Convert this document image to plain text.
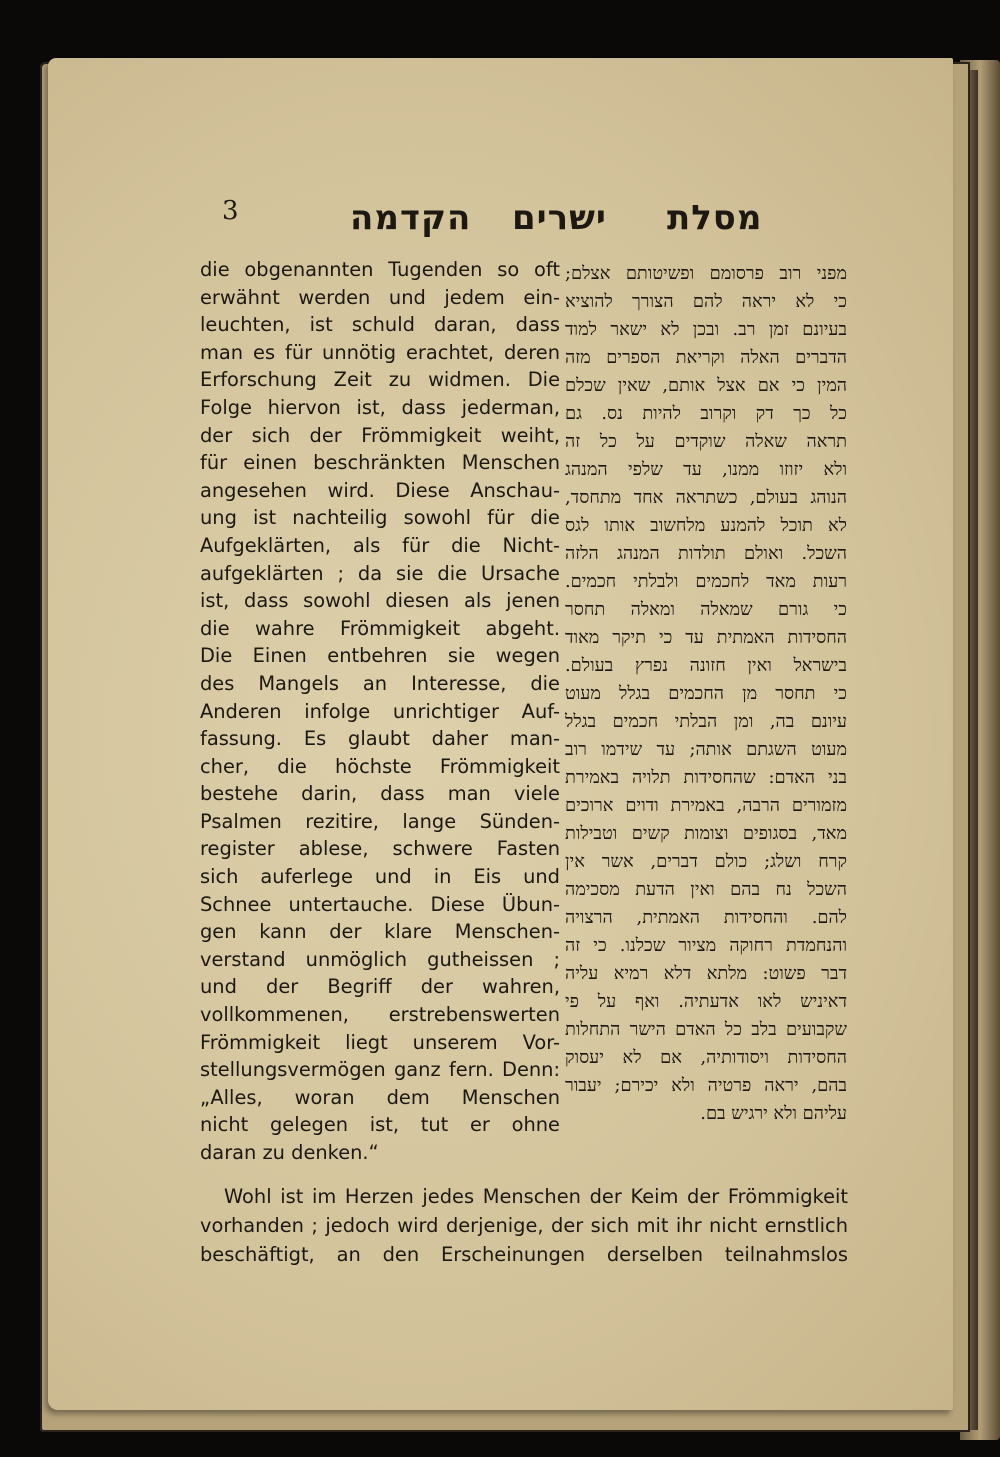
3	הקדמה ישרים מסלת
die obgenannten Tugenden so oft
erwähnt werden und jedem ein-
leuchten, ist schuld daran, dass
man es für unnötig erachtet, deren
Erforschung Zeit zu widmen. Die
Folge hiervon ist, dass jederman,
der sich der Frömmigkeit weiht,
für einen beschränkten Menschen
angesehen wird. Diese Anschau-
ung ist nachteilig sowohl für die
Aufgeklärten, als für die Nicht-
aufgeklärten ; da sie die Ursache
ist, dass sowohl diesen als jenen
die wahre Frömmigkeit abgeht.
Die Einen entbehren sie wegen
des Mangels an Interesse, die
Anderen infolge unrichtiger Auf-
fassung. Es glaubt daher man-
cher, die höchste Frömmigkeit
bestehe darin, dass man viele
Psalmen rezitire, lange Sünden-
register ablese, schwere Fasten
sich auferlege und in Eis und
Schnee untertauche. Diese Übun-
gen kann der klare Menschen-
verstand unmöglich gutheissen ;
und der Begriff der wahren,
vollkommenen, erstrebenswerten
Frömmigkeit liegt unserem Vor-
stellungsvermögen ganz fern. Denn:
„Alles, woran dem Menschen
nicht gelegen ist, tut er ohne
daran zu denken.“
מפני רוב פרסומם ופשיטותם אצלם;
כי לא יראה להם הצורך להוציא
בעיונם זמן רב. ובכן לא ישאר למוד
הדברים האלה וקריאת הספרים מזה
המין כי אם אצל אותם, שאין שכלם
כל כך דק וקרוב להיות נס. גם
תראה שאלה שוקדים על כל זה
ולא יזוזו ממנו, עד שלפי המנהג
הנוהג בעולם, כשתראה אחד מתחסד,
לא תוכל להמנע מלחשוב אותו לגס
השכל. ואולם תולדות המנהג הלזה
רעות מאד לחכמים ולבלתי חכמים.
כי גורם שמאלה ומאלה תחסר
החסידות האמתית עד כי תיקר מאוד
בישראל ואין חזונה נפרץ בעולם.
כי תחסר מן החכמים בגלל מעוט
עיונם בה, ומן הבלתי חכמים בגלל
מעוט השגתם אותה; עד שידמו רוב
בני האדם: שהחסידות תלויה באמירת
מזמורים הרבה, באמירת ודוים ארוכים
מאד, בסגופים וצומות קשים וטבילות
קרח ושלג; כולם דברים, אשר אין
השכל נח בהם ואין הדעת מסכימה
להם. והחסידות האמתית, הרצויה
והנחמדת רחוקה מציור שכלנו. כי זה
דבר פשוט: מלתא דלא רמיא עליה
דאיניש לאו אדעתיה. ואף על פי
שקבועים בלב כל האדם הישר התחלות
החסידות ויסודותיה, אם לא יעסוק
בהם, יראה פרטיה ולא יכירם; יעבור
עליהם ולא ירגיש בם.
Wohl ist im Herzen jedes Menschen der Keim der Frömmigkeit
vorhanden ; jedoch wird derjenige, der sich mit ihr nicht ernstlich
beschäftigt, an den Erscheinungen derselben teilnahmslos
